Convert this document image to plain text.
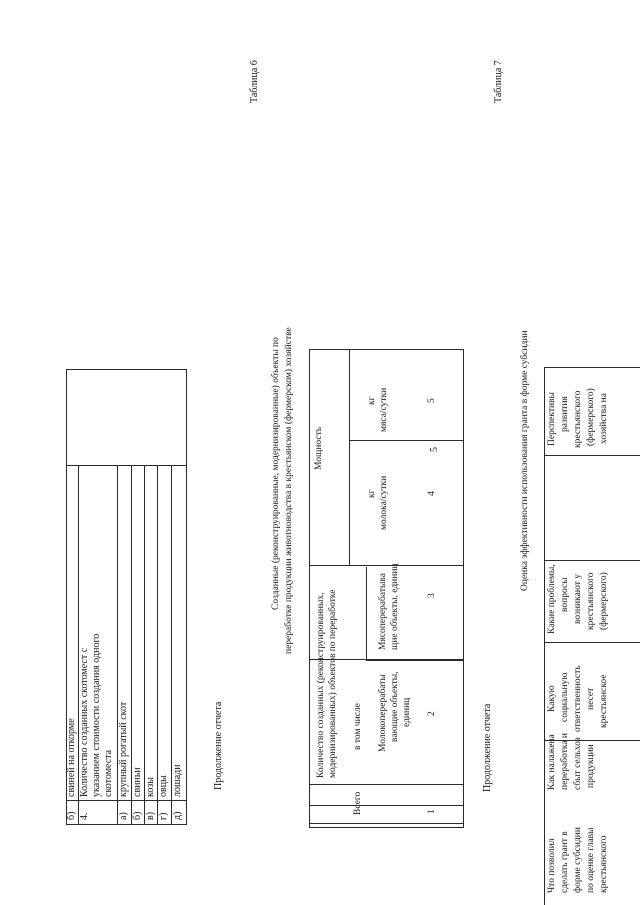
5
Таблица 6
Продолжение отчета
б)
свиней на откорме
4.
Количество созданных скотомест с указанием стоимости создания одного скотоместа
а)
крупный рогатый скот
б)
свиньи
в)
козы
г)
овцы
д)
лошади
Созданные (реконструированные, модернизированные) объекты по переработке продукции животноводства в крестьянском (фермерском) хозяйстве
Количество созданных (реконструированных, модернизированных) объектов по переработке
Всего
в том числе Молокоперерабаты вающие объекты, единиц
Мясоперерабатыва щие объекты, единиц
Мощность
кг молока/сутки
кг мяса/сутки
1
2
3
4
5
Таблица 7
Продолжение отчета
Оценка эффективности использования гранта в форме субсидии
Что позволил сделать грант в форме субсидии по оценке главы крестьянского
Как налажена переработка и сбыт сельхоз продукции
Какую социальную ответственность несет крестьянское
Какие проблемы, вопросы возникают у крестьянского (фермерского)
Перспективы развития крестьянского (фермерского) хозяйства на
